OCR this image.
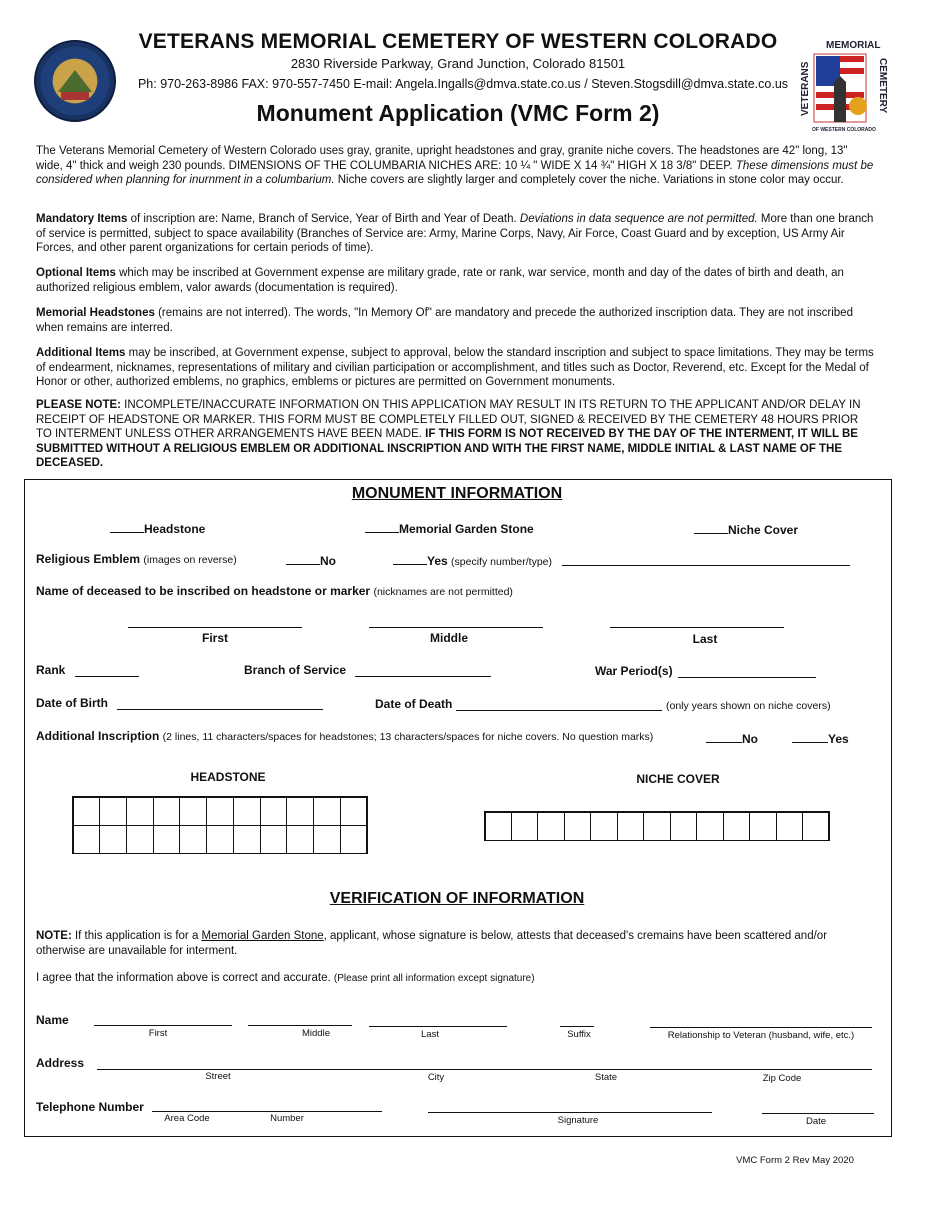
VETERANS
MEMORIAL
CEMETERY
OF WESTERN COLORADO
VETERANS MEMORIAL CEMETERY OF WESTERN COLORADO
2830 Riverside Parkway, Grand Junction, Colorado 81501
Ph: 970-263-8986 FAX: 970-557-7450 E-mail: Angela.Ingalls@dmva.state.co.us / Steven.Stogsdill@dmva.state.co.us
Monument Application (VMC Form 2)
The Veterans Memorial Cemetery of Western Colorado uses gray, granite, upright headstones and gray, granite niche covers. The headstones are 42" long, 13" wide, 4" thick and weigh 230 pounds. DIMENSIONS OF THE COLUMBARIA NICHES ARE: 10 ¼ " WIDE X 14 ¾" HIGH X 18 3/8" DEEP. These dimensions must be considered when planning for inurnment in a columbarium. Niche covers are slightly larger and completely cover the niche. Variations in stone color may occur.
Mandatory Items of inscription are: Name, Branch of Service, Year of Birth and Year of Death. Deviations in data sequence are not permitted. More than one branch of service is permitted, subject to space availability (Branches of Service are: Army, Marine Corps, Navy, Air Force, Coast Guard and by exception, US Army Air Forces, and other parent organizations for certain periods of time).
Optional Items which may be inscribed at Government expense are military grade, rate or rank, war service, month and day of the dates of birth and death, an authorized religious emblem, valor awards (documentation is required).
Memorial Headstones (remains are not interred). The words, "In Memory Of" are mandatory and precede the authorized inscription data. They are not inscribed when remains are interred.
Additional Items may be inscribed, at Government expense, subject to approval, below the standard inscription and subject to space limitations. They may be terms of endearment, nicknames, representations of military and civilian participation or accomplishment, and titles such as Doctor, Reverend, etc. Except for the Medal of Honor or other, authorized emblems, no graphics, emblems or pictures are permitted on Government monuments.
PLEASE NOTE: INCOMPLETE/INACCURATE INFORMATION ON THIS APPLICATION MAY RESULT IN ITS RETURN TO THE APPLICANT AND/OR DELAY IN RECEIPT OF HEADSTONE OR MARKER. THIS FORM MUST BE COMPLETELY FILLED OUT, SIGNED & RECEIVED BY THE CEMETERY 48 HOURS PRIOR TO INTERMENT UNLESS OTHER ARRANGEMENTS HAVE BEEN MADE. IF THIS FORM IS NOT RECEIVED BY THE DAY OF THE INTERMENT, IT WILL BE SUBMITTED WITHOUT A RELIGIOUS EMBLEM OR ADDITIONAL INSCRIPTION AND WITH THE FIRST NAME, MIDDLE INITIAL & LAST NAME OF THE DECEASED.
MONUMENT INFORMATION
Headstone	Memorial Garden Stone	Niche Cover
Religious Emblem (images on reverse)	No	Yes (specify number/type)
Name of deceased to be inscribed on headstone or marker (nicknames are not permitted)
First	Middle	Last
Rank	Branch of Service	War Period(s)
Date of Birth	Date of Death	(only years shown on niche covers)
Additional Inscription (2 lines, 11 characters/spaces for headstones; 13 characters/spaces for niche covers. No question marks)	No	Yes
HEADSTONE	NICHE COVER
VERIFICATION OF INFORMATION
NOTE: If this application is for a Memorial Garden Stone, applicant, whose signature is below, attests that deceased's cremains have been scattered and/or otherwise are unavailable for interment.
I agree that the information above is correct and accurate. (Please print all information except signature)
Name
First	Middle	Last	Suffix	Relationship to Veteran (husband, wife, etc.)
Address
Street	City	State	Zip Code
Telephone Number
Area Code	Number	Signature	Date
VMC Form 2 Rev May 2020
